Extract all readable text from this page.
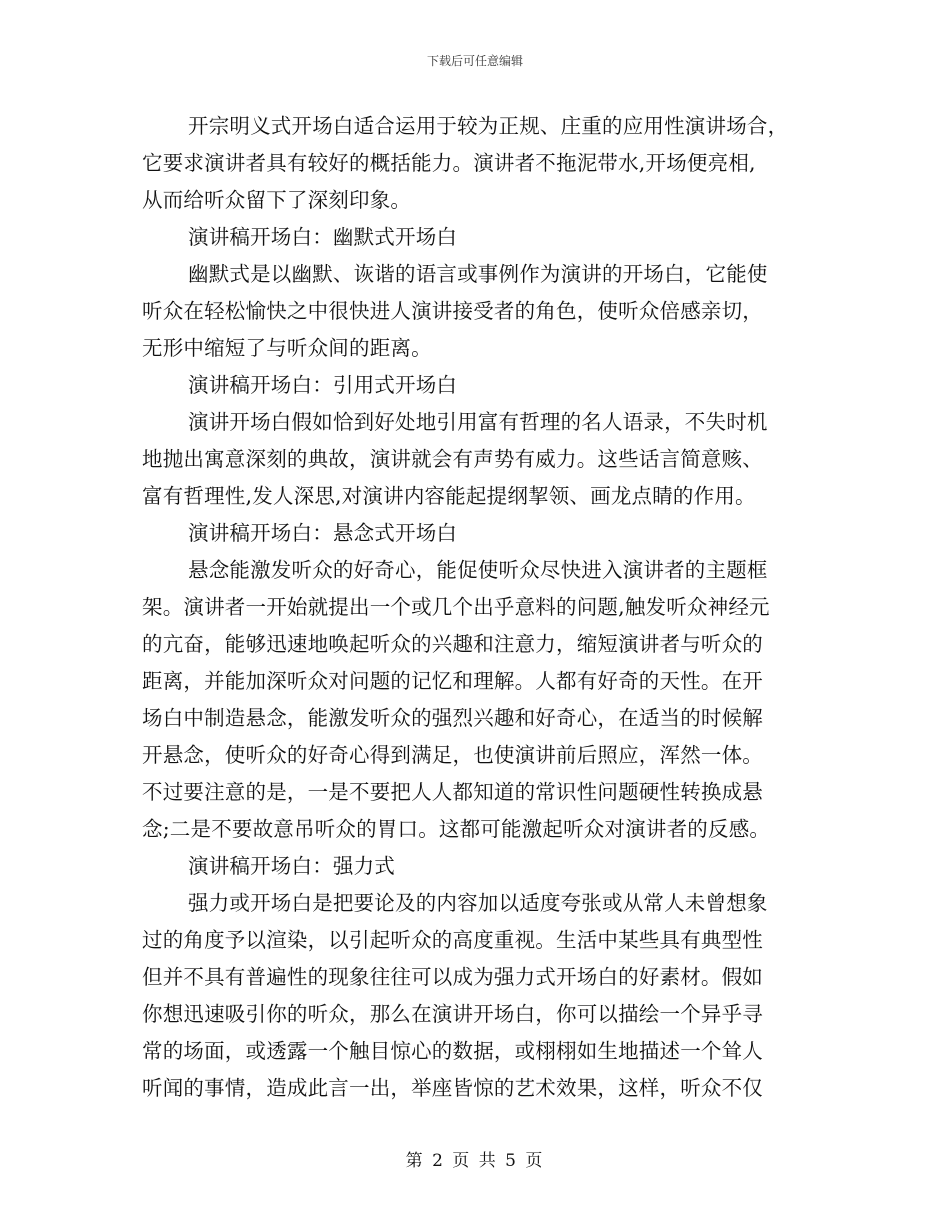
下载后可任意编辑
开宗明义式开场白适合运用于较为正规、庄重的应用性演讲场合，
它要求演讲者具有较好的概括能力。演讲者不拖泥带水,开场便亮相,
从而给听众留下了深刻印象。
演讲稿开场白：幽默式开场白
幽默式是以幽默、诙谐的语言或事例作为演讲的开场白，它能使
听众在轻松愉快之中很快进人演讲接受者的角色，使听众倍感亲切，
无形中缩短了与听众间的距离。
演讲稿开场白：引用式开场白
演讲开场白假如恰到好处地引用富有哲理的名人语录，不失时机
地抛出寓意深刻的典故，演讲就会有声势有威力。这些话言简意赅、
富有哲理性,发人深思,对演讲内容能起提纲挈领、画龙点睛的作用。
演讲稿开场白：悬念式开场白
悬念能激发听众的好奇心，能促使听众尽快进入演讲者的主题框
架。演讲者一开始就提出一个或几个出乎意料的问题,触发听众神经元
的亢奋，能够迅速地唤起听众的兴趣和注意力，缩短演讲者与听众的
距离，并能加深听众对问题的记忆和理解。人都有好奇的天性。在开
场白中制造悬念，能激发听众的强烈兴趣和好奇心，在适当的时候解
开悬念，使听众的好奇心得到满足，也使演讲前后照应，浑然一体。
不过要注意的是，一是不要把人人都知道的常识性问题硬性转换成悬
念;二是不要故意吊听众的胃口。这都可能激起听众对演讲者的反感。
演讲稿开场白：强力式
强力或开场白是把要论及的内容加以适度夸张或从常人未曾想象
过的角度予以渲染，以引起听众的高度重视。生活中某些具有典型性
但并不具有普遍性的现象往往可以成为强力式开场白的好素材。假如
你想迅速吸引你的听众，那么在演讲开场白，你可以描绘一个异乎寻
常的场面，或透露一个触目惊心的数据，或栩栩如生地描述一个耸人
听闻的事情，造成此言一出，举座皆惊的艺术效果，这样，听众不仅
第 2 页 共 5 页
